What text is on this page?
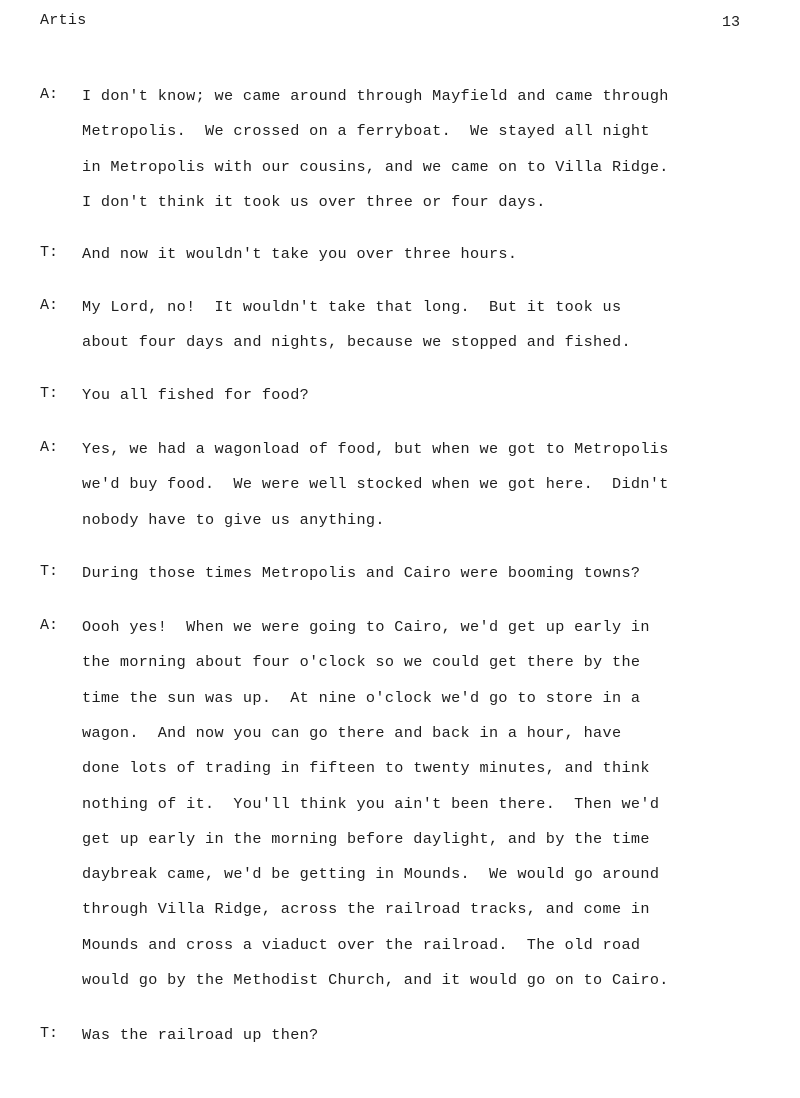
Artis	13
A: I don't know; we came around through Mayfield and came through
Metropolis.  We crossed on a ferryboat.  We stayed all night
in Metropolis with our cousins, and we came on to Villa Ridge.
I don't think it took us over three or four days.
T: And now it wouldn't take you over three hours.
A: My Lord, no!  It wouldn't take that long.  But it took us
about four days and nights, because we stopped and fished.
T: You all fished for food?
A: Yes, we had a wagonload of food, but when we got to Metropolis
we'd buy food.  We were well stocked when we got here.  Didn't
nobody have to give us anything.
T: During those times Metropolis and Cairo were booming towns?
A: Oooh yes!  When we were going to Cairo, we'd get up early in
the morning about four o'clock so we could get there by the
time the sun was up.  At nine o'clock we'd go to store in a
wagon.  And now you can go there and back in a hour, have
done lots of trading in fifteen to twenty minutes, and think
nothing of it.  You'll think you ain't been there.  Then we'd
get up early in the morning before daylight, and by the time
daybreak came, we'd be getting in Mounds.  We would go around
through Villa Ridge, across the railroad tracks, and come in
Mounds and cross a viaduct over the railroad.  The old road
would go by the Methodist Church, and it would go on to Cairo.
T: Was the railroad up then?
